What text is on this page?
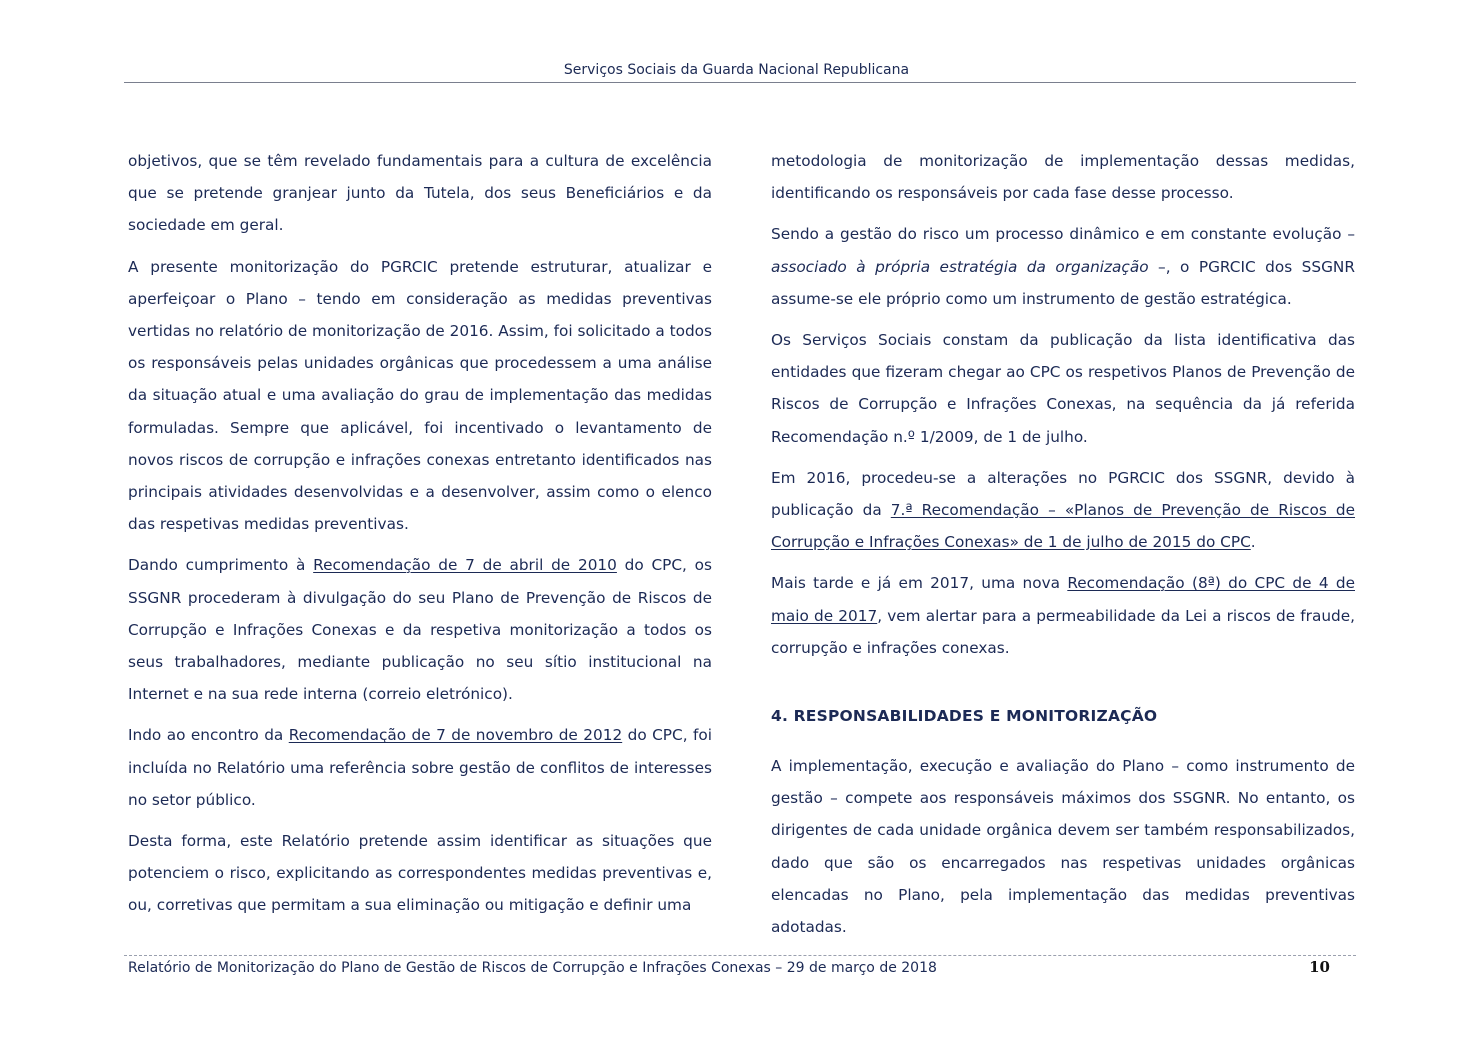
Serviços Sociais da Guarda Nacional Republicana

objetivos, que se têm revelado fundamentais para a cultura de excelência que se pretende granjear junto da Tutela, dos seus Beneficiários e da sociedade em geral.

A presente monitorização do PGRCIC pretende estruturar, atualizar e aperfeiçoar o Plano – tendo em consideração as medidas preventivas vertidas no relatório de monitorização de 2016. Assim, foi solicitado a todos os responsáveis pelas unidades orgânicas que procedessem a uma análise da situação atual e uma avaliação do grau de implementação das medidas formuladas. Sempre que aplicável, foi incentivado o levantamento de novos riscos de corrupção e infrações conexas entretanto identificados nas principais atividades desenvolvidas e a desenvolver, assim como o elenco das respetivas medidas preventivas.

Dando cumprimento à Recomendação de 7 de abril de 2010 do CPC, os SSGNR procederam à divulgação do seu Plano de Prevenção de Riscos de Corrupção e Infrações Conexas e da respetiva monitorização a todos os seus trabalhadores, mediante publicação no seu sítio institucional na Internet e na sua rede interna (correio eletrónico).

Indo ao encontro da Recomendação de 7 de novembro de 2012 do CPC, foi incluída no Relatório uma referência sobre gestão de conflitos de interesses no setor público.

Desta forma, este Relatório pretende assim identificar as situações que potenciem o risco, explicitando as correspondentes medidas preventivas e, ou, corretivas que permitam a sua eliminação ou mitigação e definir uma

metodologia de monitorização de implementação dessas medidas, identificando os responsáveis por cada fase desse processo.

Sendo a gestão do risco um processo dinâmico e em constante evolução – associado à própria estratégia da organização –, o PGRCIC dos SSGNR assume-se ele próprio como um instrumento de gestão estratégica.

Os Serviços Sociais constam da publicação da lista identificativa das entidades que fizeram chegar ao CPC os respetivos Planos de Prevenção de Riscos de Corrupção e Infrações Conexas, na sequência da já referida Recomendação n.º 1/2009, de 1 de julho.

Em 2016, procedeu-se a alterações no PGRCIC dos SSGNR, devido à publicação da 7.ª Recomendação – «Planos de Prevenção de Riscos de Corrupção e Infrações Conexas» de 1 de julho de 2015 do CPC.

Mais tarde e já em 2017, uma nova Recomendação (8ª) do CPC de 4 de maio de 2017, vem alertar para a permeabilidade da Lei a riscos de fraude, corrupção e infrações conexas.

4. RESPONSABILIDADES E MONITORIZAÇÃO

A implementação, execução e avaliação do Plano – como instrumento de gestão – compete aos responsáveis máximos dos SSGNR. No entanto, os dirigentes de cada unidade orgânica devem ser também responsabilizados, dado que são os encarregados nas respetivas unidades orgânicas elencadas no Plano, pela implementação das medidas preventivas adotadas.

Relatório de Monitorização do Plano de Gestão de Riscos de Corrupção e Infrações Conexas – 29 de março de 2018	10
